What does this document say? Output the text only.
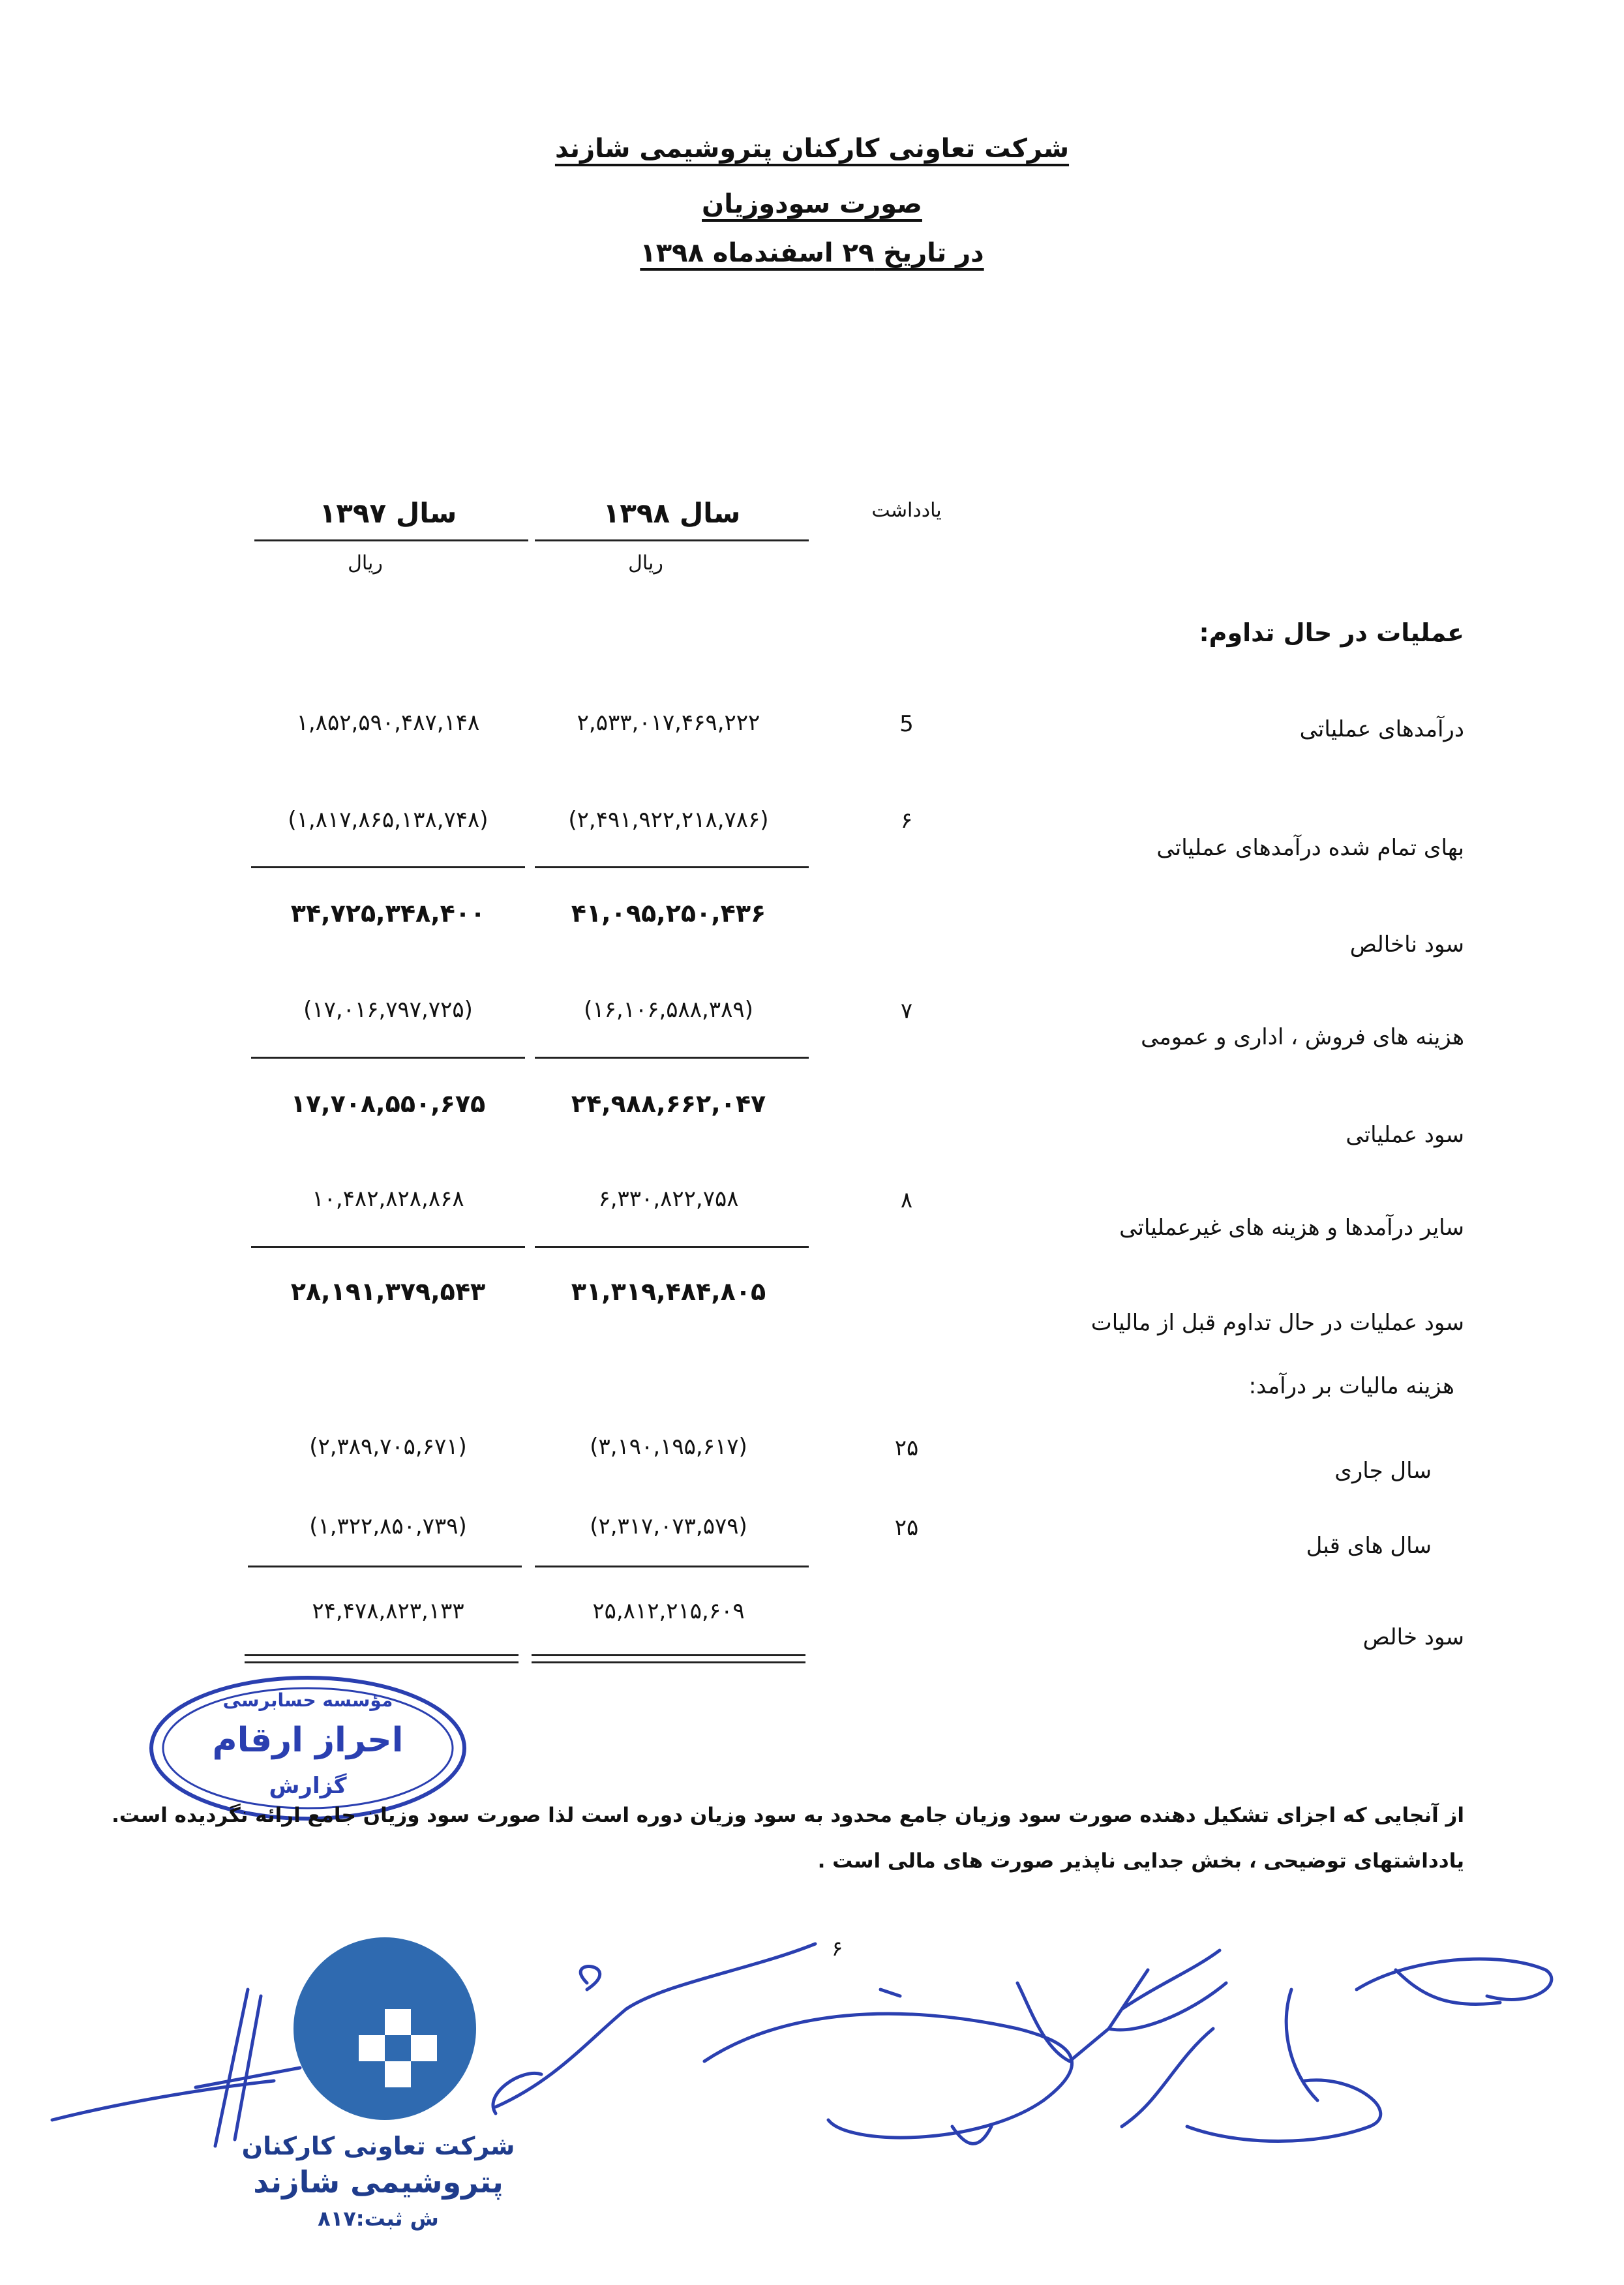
شرکت تعاونی کارکنان پتروشیمی شازند
صورت سودوزیان
در تاریخ ۲۹ اسفندماه ۱۳۹۸
یادداشت
سال ۱۳۹۸
سال ۱۳۹۷
ریال
ریال
عملیات در حال تداوم:
درآمدهای عملیاتی
5
۲,۵۳۳,۰۱۷,۴۶۹,۲۲۲
۱,۸۵۲,۵۹۰,۴۸۷,۱۴۸
بهای تمام شده درآمدهای عملیاتی
۶
(۲,۴۹۱,۹۲۲,۲۱۸,۷۸۶)
(۱,۸۱۷,۸۶۵,۱۳۸,۷۴۸)
سود ناخالص
۴۱,۰۹۵,۲۵۰,۴۳۶
۳۴,۷۲۵,۳۴۸,۴۰۰
هزینه های فروش ، اداری و عمومی
۷
(۱۶,۱۰۶,۵۸۸,۳۸۹)
(۱۷,۰۱۶,۷۹۷,۷۲۵)
سود عملیاتی
۲۴,۹۸۸,۶۶۲,۰۴۷
۱۷,۷۰۸,۵۵۰,۶۷۵
سایر درآمدها و هزینه های غیرعملیاتی
۸
۶,۳۳۰,۸۲۲,۷۵۸
۱۰,۴۸۲,۸۲۸,۸۶۸
سود عملیات در حال تداوم قبل از مالیات
۳۱,۳۱۹,۴۸۴,۸۰۵
۲۸,۱۹۱,۳۷۹,۵۴۳
هزینه مالیات بر درآمد:
سال جاری
۲۵
(۳,۱۹۰,۱۹۵,۶۱۷)
(۲,۳۸۹,۷۰۵,۶۷۱)
سال های قبل
۲۵
(۲,۳۱۷,۰۷۳,۵۷۹)
(۱,۳۲۲,۸۵۰,۷۳۹)
سود خالص
۲۵,۸۱۲,۲۱۵,۶۰۹
۲۴,۴۷۸,۸۲۳,۱۳۳
مؤسسه حسابرسی
احراز ارقام
گزارش
از آنجایی که اجزای تشکیل دهنده صورت سود وزیان جامع محدود به سود وزیان دوره است لذا صورت سود وزیان جامع ارائه نگردیده است.
یادداشتهای توضیحی ، بخش جدایی ناپذیر صورت های مالی است .
۶
شرکت تعاونی کارکنان
پتروشیمی شازند
ش ثبت:۸۱۷
